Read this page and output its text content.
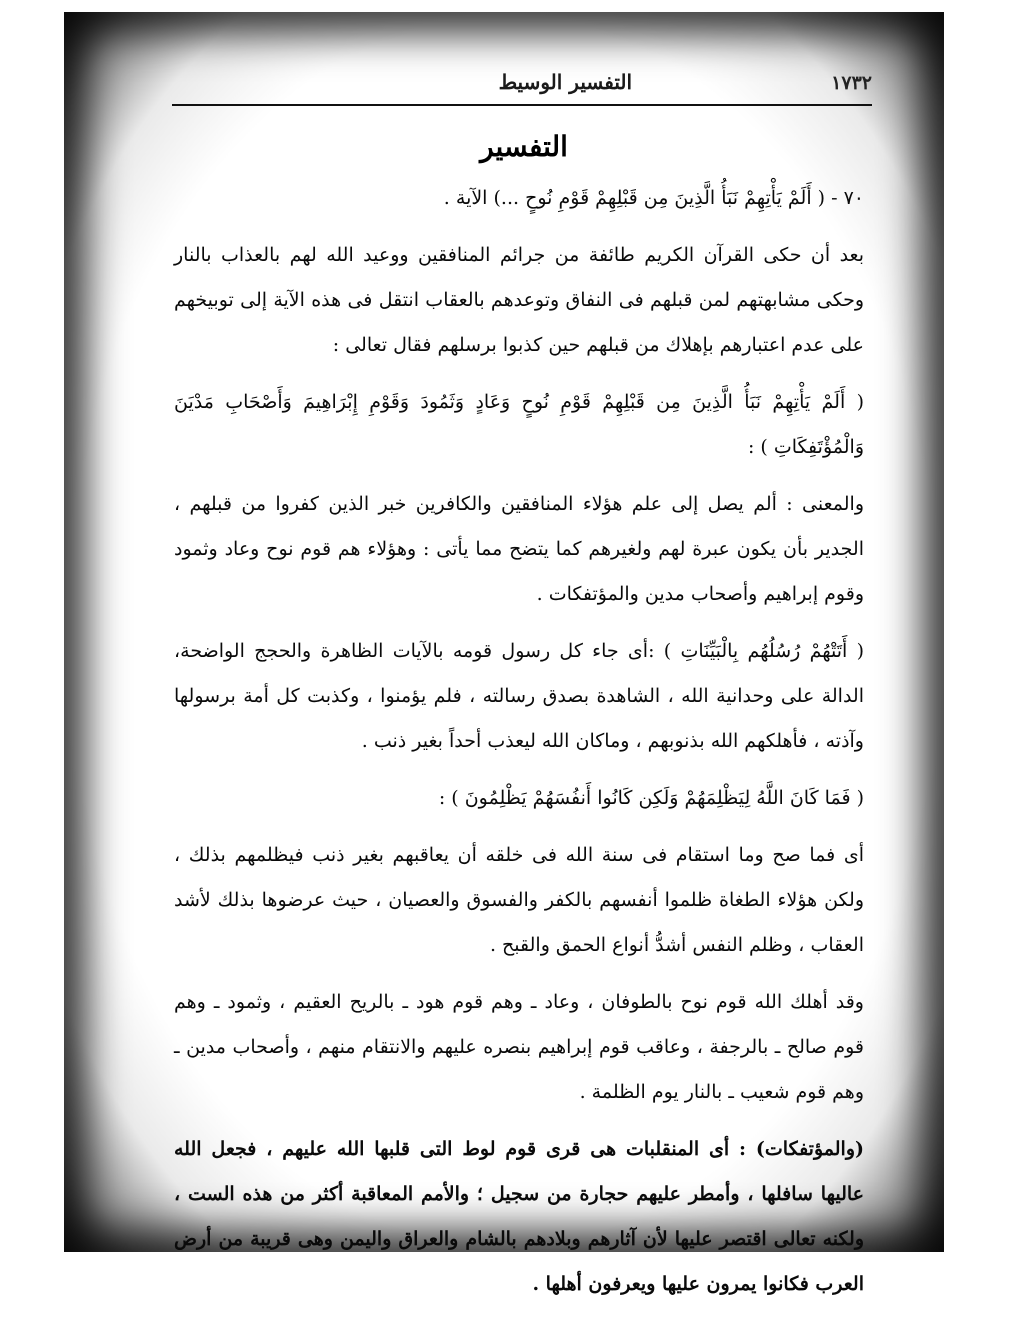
١٧٣٢
التفسير الوسيط
التفسير

٧٠ - ( أَلَمْ يَأْتِهِمْ نَبَأُ الَّذِينَ مِن قَبْلِهِمْ قَوْمِ نُوحٍ ...) الآية .

بعد أن حكى القرآن الكريم طائفة من جرائم المنافقين ووعيد الله لهم بالعذاب بالنار وحكى مشابهتهم لمن قبلهم فى النفاق وتوعدهم بالعقاب انتقل فى هذه الآية إلى توبيخهم على عدم اعتبارهم بإهلاك من قبلهم حين كذبوا برسلهم فقال تعالى :

( أَلَمْ يَأْتِهِمْ نَبَأُ الَّذِينَ مِن قَبْلِهِمْ قَوْمِ نُوحٍ وَعَادٍ وَثَمُودَ وَقَوْمِ إِبْرَاهِيمَ وَأَصْحَابِ مَدْيَنَ وَالْمُؤْتَفِكَاتِ ) :

والمعنى : ألم يصل إلى علم هؤلاء المنافقين والكافرين خبر الذين كفروا من قبلهم ، الجدير بأن يكون عبرة لهم ولغيرهم كما يتضح مما يأتى : وهؤلاء هم قوم نوح وعاد وثمود وقوم إبراهيم وأصحاب مدين والمؤتفكات .

( أَتَتْهُمْ رُسُلُهُم بِالْبَيِّنَاتِ ) :أى جاء كل رسول قومه بالآيات الظاهرة والحجج الواضحة، الدالة على وحدانية الله ، الشاهدة بصدق رسالته ، فلم يؤمنوا ، وكذبت كل أمة برسولها وآذته ، فأهلكهم الله بذنوبهم ، وماكان الله ليعذب أحداً بغير ذنب .

( فَمَا كَانَ اللَّهُ لِيَظْلِمَهُمْ وَلَكِن كَانُوا أَنفُسَهُمْ يَظْلِمُونَ ) :

أى فما صح وما استقام فى سنة الله فى خلقه أن يعاقبهم بغير ذنب فيظلمهم بذلك ، ولكن هؤلاء الطغاة ظلموا أنفسهم بالكفر والفسوق والعصيان ، حيث عرضوها بذلك لأشد العقاب ، وظلم النفس أشدُّ أنواع الحمق والقبح .

وقد أهلك الله قوم نوح بالطوفان ، وعاد ـ وهم قوم هود ـ بالريح العقيم ، وثمود ـ وهم قوم صالح ـ بالرجفة ، وعاقب قوم إبراهيم بنصره عليهم والانتقام منهم ، وأصحاب مدين ـ وهم قوم شعيب ـ بالنار يوم الظلمة .

(والمؤتفكات) : أى المنقلبات هى قرى قوم لوط التى قلبها الله عليهم ، فجعل الله عاليها سافلها ، وأمطر عليهم حجارة من سجيل ؛ والأمم المعاقبة أكثر من هذه الست ، ولكنه تعالى اقتصر عليها لأن آثارهم وبلادهم بالشام والعراق واليمن وهى قريبة من أرض العرب فكانوا يمرون عليها ويعرفون أهلها .
